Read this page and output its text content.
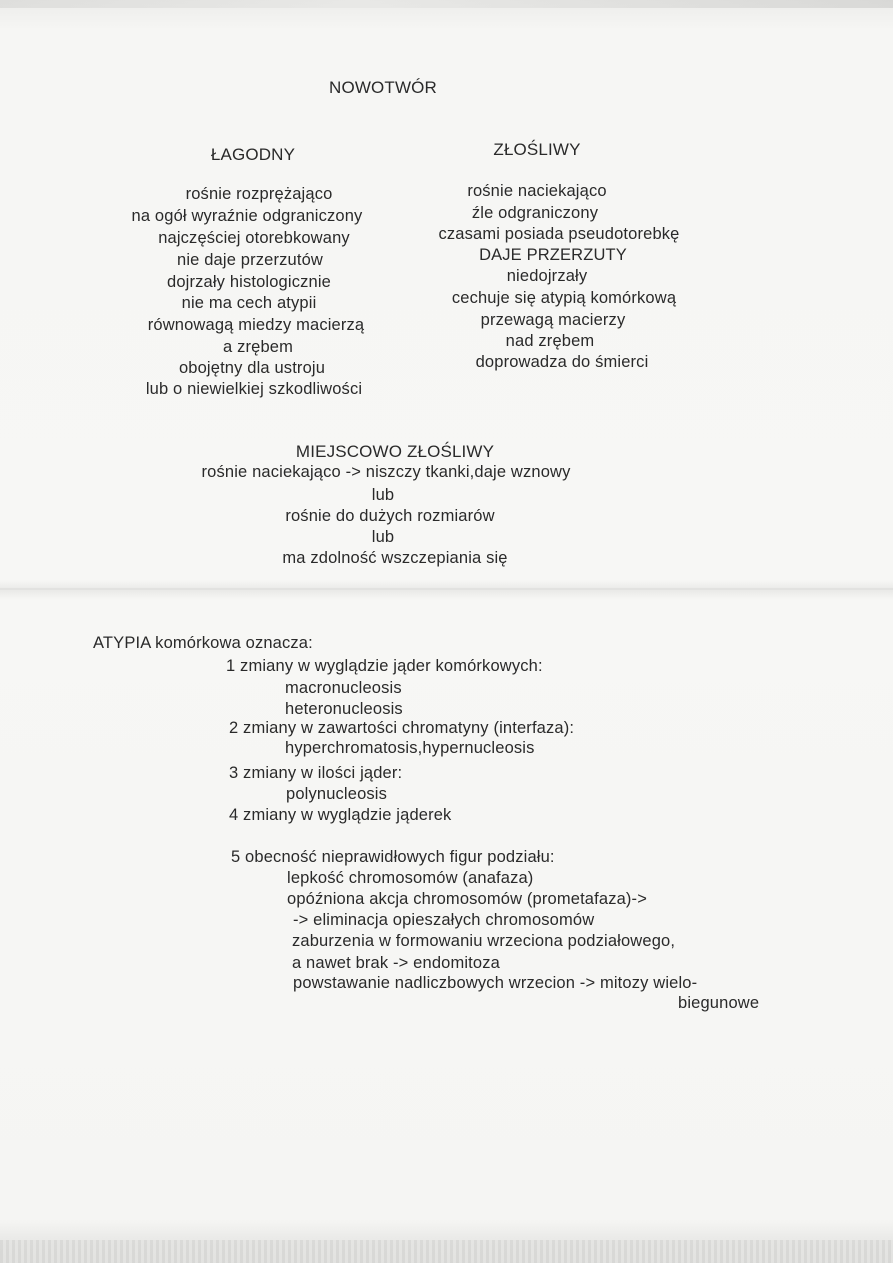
NOWOTWÓR
ŁAGODNY
rośnie rozprężająco
na ogół wyraźnie odgraniczony
najczęściej otorebkowany
nie daje przerzutów
dojrzały histologicznie
nie ma cech atypii
równowagą miedzy macierzą
a zrębem
obojętny dla ustroju
lub o niewielkiej szkodliwości
ZŁOŚLIWY
rośnie naciekająco
źle odgraniczony
czasami posiada pseudotorebkę
DAJE PRZERZUTY
niedojrzały
cechuje się atypią komórkową
przewagą macierzy
nad zrębem
doprowadza do śmierci
MIEJSCOWO ZŁOŚLIWY
rośnie naciekająco -> niszczy tkanki,daje wznowy
lub
rośnie do dużych rozmiarów
lub
ma zdolność wszczepiania się
ATYPIA komórkowa oznacza:
1 zmiany w wyglądzie jąder komórkowych:
macronucleosis
heteronucleosis
2 zmiany w zawartości chromatyny (interfaza):
hyperchromatosis,hypernucleosis
3 zmiany w ilości jąder:
polynucleosis
4 zmiany w wyglądzie jąderek
5 obecność nieprawidłowych figur podziału:
lepkość chromosomów (anafaza)
opóźniona akcja chromosomów (prometafaza)->
-> eliminacja opieszałych chromosomów
zaburzenia w formowaniu wrzeciona podziałowego,
a nawet brak -> endomitoza
powstawanie nadliczbowych wrzecion -> mitozy wielo-
biegunowe
